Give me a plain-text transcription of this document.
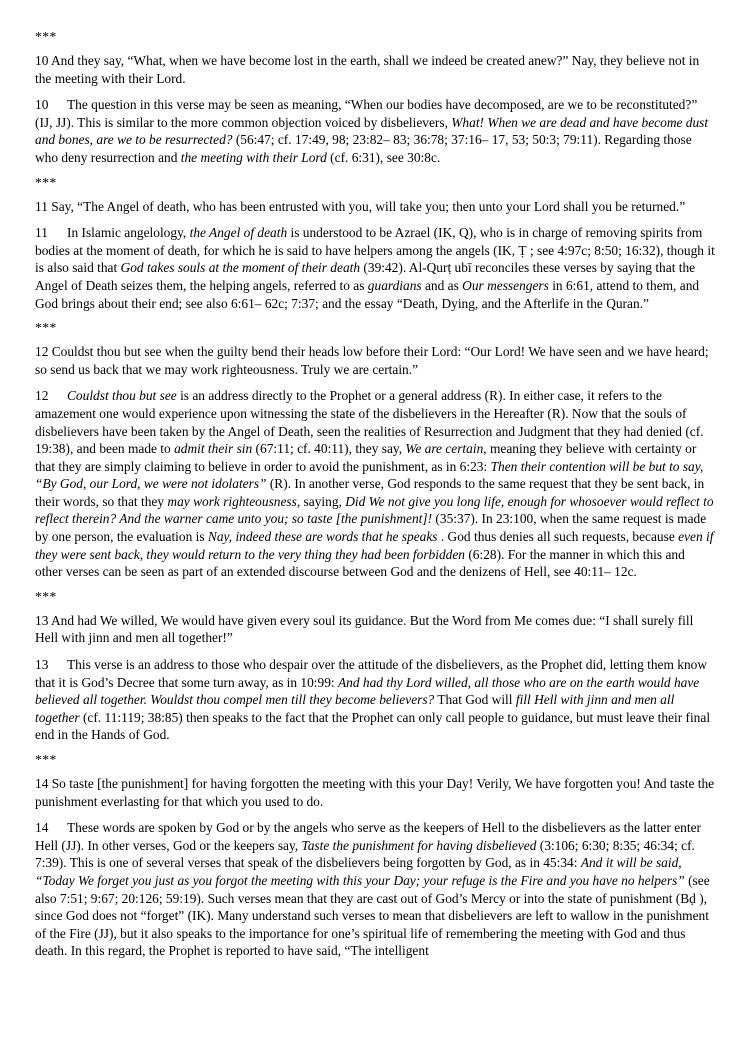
***

10 And they say, “What, when we have become lost in the earth, shall we indeed be created anew?” Nay, they believe not in the meeting with their Lord.

10 The question in this verse may be seen as meaning, “When our bodies have decomposed, are we to be reconstituted?” (IJ, JJ). This is similar to the more common objection voiced by disbelievers, What! When we are dead and have become dust and bones, are we to be resurrected? (56:47; cf. 17:49, 98; 23:82– 83; 36:78; 37:16– 17, 53; 50:3; 79:11). Regarding those who deny resurrection and the meeting with their Lord (cf. 6:31), see 30:8c.

***

11 Say, “The Angel of death, who has been entrusted with you, will take you; then unto your Lord shall you be returned.”

11 In Islamic angelology, the Angel of death is understood to be Azrael (IK, Q), who is in charge of removing spirits from bodies at the moment of death, for which he is said to have helpers among the angels (IK, Ṭ ; see 4:97c; 8:50; 16:32), though it is also said that God takes souls at the moment of their death (39:42). Al-Qurṭ ubī reconciles these verses by saying that the Angel of Death seizes them, the helping angels, referred to as guardians and as Our messengers in 6:61, attend to them, and God brings about their end; see also 6:61– 62c; 7:37; and the essay “Death, Dying, and the Afterlife in the Quran.”

***

12 Couldst thou but see when the guilty bend their heads low before their Lord: “Our Lord! We have seen and we have heard; so send us back that we may work righteousness. Truly we are certain.”

12 Couldst thou but see is an address directly to the Prophet or a general address (R). In either case, it refers to the amazement one would experience upon witnessing the state of the disbelievers in the Hereafter (R). Now that the souls of disbelievers have been taken by the Angel of Death, seen the realities of Resurrection and Judgment that they had denied (cf. 19:38), and been made to admit their sin (67:11; cf. 40:11), they say, We are certain, meaning they believe with certainty or that they are simply claiming to believe in order to avoid the punishment, as in 6:23: Then their contention will be but to say, “By God, our Lord, we were not idolaters” (R). In another verse, God responds to the same request that they be sent back, in their words, so that they may work righteousness, saying, Did We not give you long life, enough for whosoever would reflect to reflect therein? And the warner came unto you; so taste [the punishment]! (35:37). In 23:100, when the same request is made by one person, the evaluation is Nay, indeed these are words that he speaks . God thus denies all such requests, because even if they were sent back, they would return to the very thing they had been forbidden (6:28). For the manner in which this and other verses can be seen as part of an extended discourse between God and the denizens of Hell, see 40:11– 12c.

***

13 And had We willed, We would have given every soul its guidance. But the Word from Me comes due: “I shall surely fill Hell with jinn and men all together!”

13 This verse is an address to those who despair over the attitude of the disbelievers, as the Prophet did, letting them know that it is God’s Decree that some turn away, as in 10:99: And had thy Lord willed, all those who are on the earth would have believed all together. Wouldst thou compel men till they become believers? That God will fill Hell with jinn and men all together (cf. 11:119; 38:85) then speaks to the fact that the Prophet can only call people to guidance, but must leave their final end in the Hands of God.

***

14 So taste [the punishment] for having forgotten the meeting with this your Day! Verily, We have forgotten you! And taste the punishment everlasting for that which you used to do.

14 These words are spoken by God or by the angels who serve as the keepers of Hell to the disbelievers as the latter enter Hell (JJ). In other verses, God or the keepers say, Taste the punishment for having disbelieved (3:106; 6:30; 8:35; 46:34; cf. 7:39). This is one of several verses that speak of the disbelievers being forgotten by God, as in 45:34: And it will be said, “Today We forget you just as you forgot the meeting with this your Day; your refuge is the Fire and you have no helpers” (see also 7:51; 9:67; 20:126; 59:19). Such verses mean that they are cast out of God’s Mercy or into the state of punishment (Bḍ ), since God does not “forget” (IK). Many understand such verses to mean that disbelievers are left to wallow in the punishment of the Fire (JJ), but it also speaks to the importance for one’s spiritual life of remembering the meeting with God and thus death. In this regard, the Prophet is reported to have said, “The intelligent
